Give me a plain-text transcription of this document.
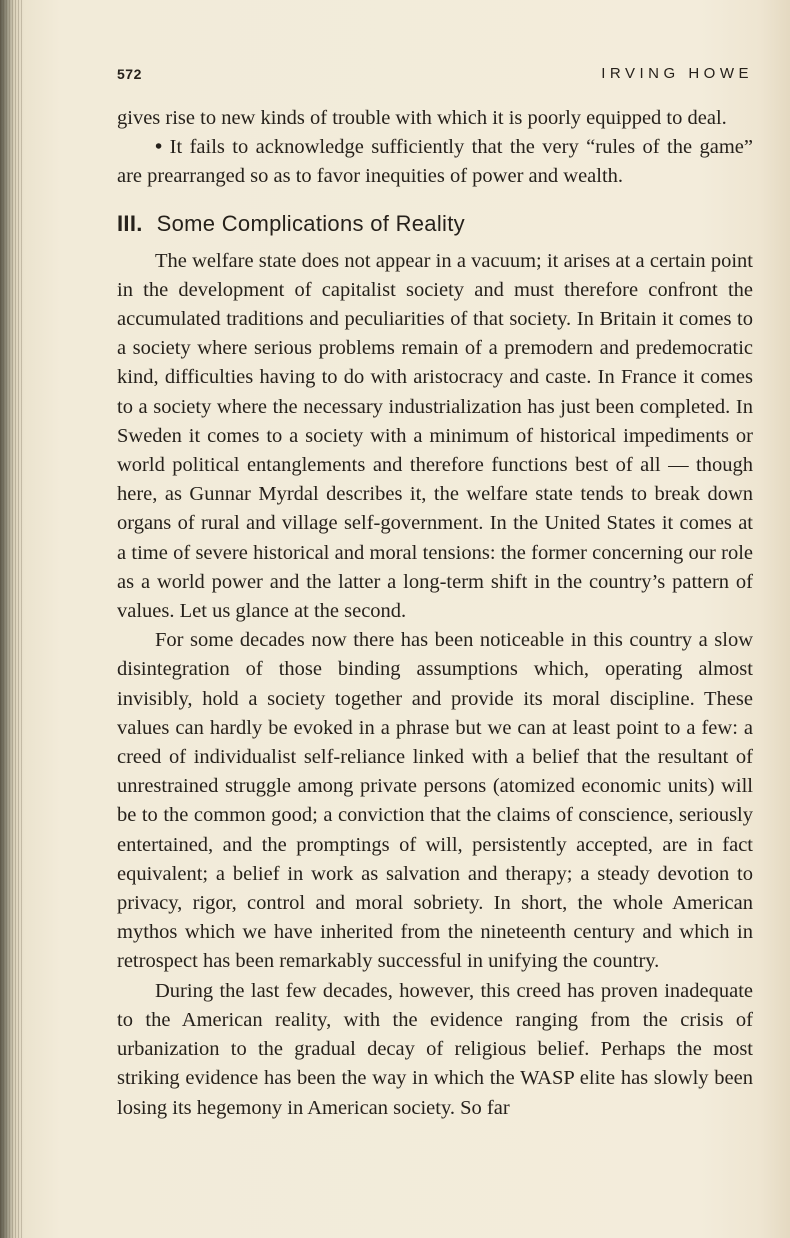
572	IRVING HOWE

gives rise to new kinds of trouble with which it is poorly equipped to deal.

• It fails to acknowledge sufficiently that the very “rules of the game” are prearranged so as to favor inequities of power and wealth.

III. Some Complications of Reality

The welfare state does not appear in a vacuum; it arises at a certain point in the development of capitalist society and must therefore confront the accumulated traditions and peculiarities of that society. In Britain it comes to a society where serious problems remain of a premodern and predemocratic kind, difficulties having to do with aristocracy and caste. In France it comes to a society where the necessary industrialization has just been completed. In Sweden it comes to a society with a minimum of historical impediments or world political entanglements and therefore functions best of all — though here, as Gunnar Myrdal describes it, the welfare state tends to break down organs of rural and village self-government. In the United States it comes at a time of severe historical and moral tensions: the former concerning our role as a world power and the latter a long-term shift in the country’s pattern of values. Let us glance at the second.

For some decades now there has been noticeable in this country a slow disintegration of those binding assumptions which, operating almost invisibly, hold a society together and provide its moral discipline. These values can hardly be evoked in a phrase but we can at least point to a few: a creed of individualist self-reliance linked with a belief that the resultant of unrestrained struggle among private persons (atomized economic units) will be to the common good; a conviction that the claims of conscience, seriously entertained, and the promptings of will, persistently accepted, are in fact equivalent; a belief in work as salvation and therapy; a steady devotion to privacy, rigor, control and moral sobriety. In short, the whole American mythos which we have inherited from the nineteenth century and which in retrospect has been remarkably successful in unifying the country.

During the last few decades, however, this creed has proven inadequate to the American reality, with the evidence ranging from the crisis of urbanization to the gradual decay of religious belief. Perhaps the most striking evidence has been the way in which the WASP elite has slowly been losing its hegemony in American society. So far
